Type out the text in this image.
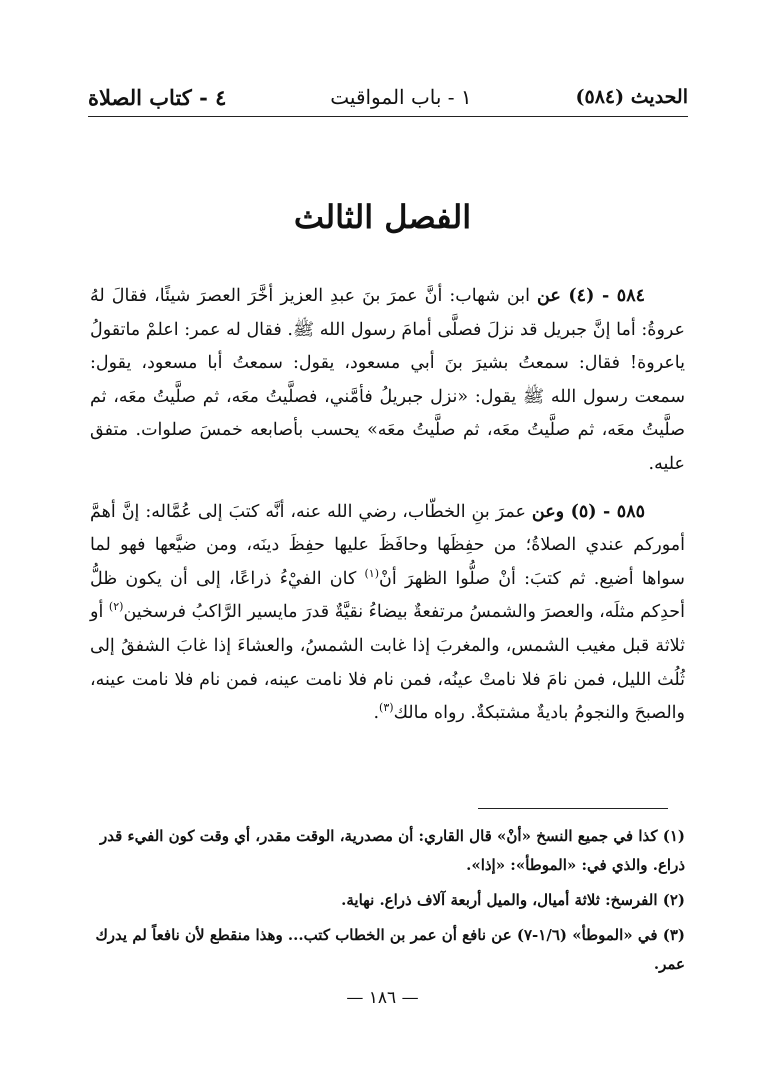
٤ - كتاب الصلاة	١ - باب المواقيت	الحديث (٥٨٤)
الفصل الثالث

٥٨٤ - (٤) عن ابن شهاب: أنَّ عمرَ بنَ عبدِ العزيز أخَّرَ العصرَ شيئًا، فقالَ لهُ عروةُ: أما إنَّ جبريل قد نزلَ فصلَّى أمامَ رسول الله ﷺ. فقال له عمر: اعلمْ ماتقولُ ياعروة! فقال: سمعتُ بشيرَ بنَ أبي مسعود، يقول: سمعتُ أبا مسعود، يقول: سمعت رسول الله ﷺ يقول: «نزل جبريلُ فأمَّني، فصلَّيتُ معَه، ثم صلَّيتُ معَه، ثم صلَّيتُ معَه، ثم صلَّيتُ معَه، ثم صلَّيتُ معَه» يحسب بأصابعه خمسَ صلوات. متفق عليه.

٥٨٥ - (٥) وعن عمرَ بنِ الخطّاب، رضي الله عنه، أنَّه كتبَ إلى عُمَّاله: إنَّ أهمَّ أموركم عندي الصلاةُ؛ من حفِظَها وحافَظَ عليها حفِظَ دينَه، ومن ضيَّعها فهو لما سواها أضيع. ثم كتبَ: أنْ صلُّوا الظهرَ أنْ$^{(١)}$ كان الفيْءُ ذراعًا، إلى أن يكون ظلُّ أحدِكم مثلَه، والعصرَ والشمسُ مرتفعةٌ بيضاءُ نقيَّةٌ قدرَ مايسير الرَّاكبُ فرسخين$^{(٢)}$ أو ثلاثة قبل مغيب الشمس، والمغربَ إذا غابت الشمسُ، والعشاءَ إذا غابَ الشفقُ إلى ثُلُث الليل، فمن نامَ فلا نامتْ عينُه، فمن نام فلا نامت عينه، فمن نام فلا نامت عينه، والصبحَ والنجومُ باديةٌ مشتبكةٌ. رواه مالك$^{(٣)}$.

(١) كذا في جميع النسخ «أنْ» قال القاري: أن مصدرية، الوقت مقدر، أي وقت كون الفيء قدر ذراع. والذي في: «الموطأ»: «إذا».

(٢) الفرسخ: ثلاثة أميال، والميل أربعة آلاف ذراع. نهاية.

(٣) في «الموطأ» (١/٦-٧) عن نافع أن عمر بن الخطاب كتب... وهذا منقطع لأن نافعاً لم يدرك عمر.

— ١٨٦ —
